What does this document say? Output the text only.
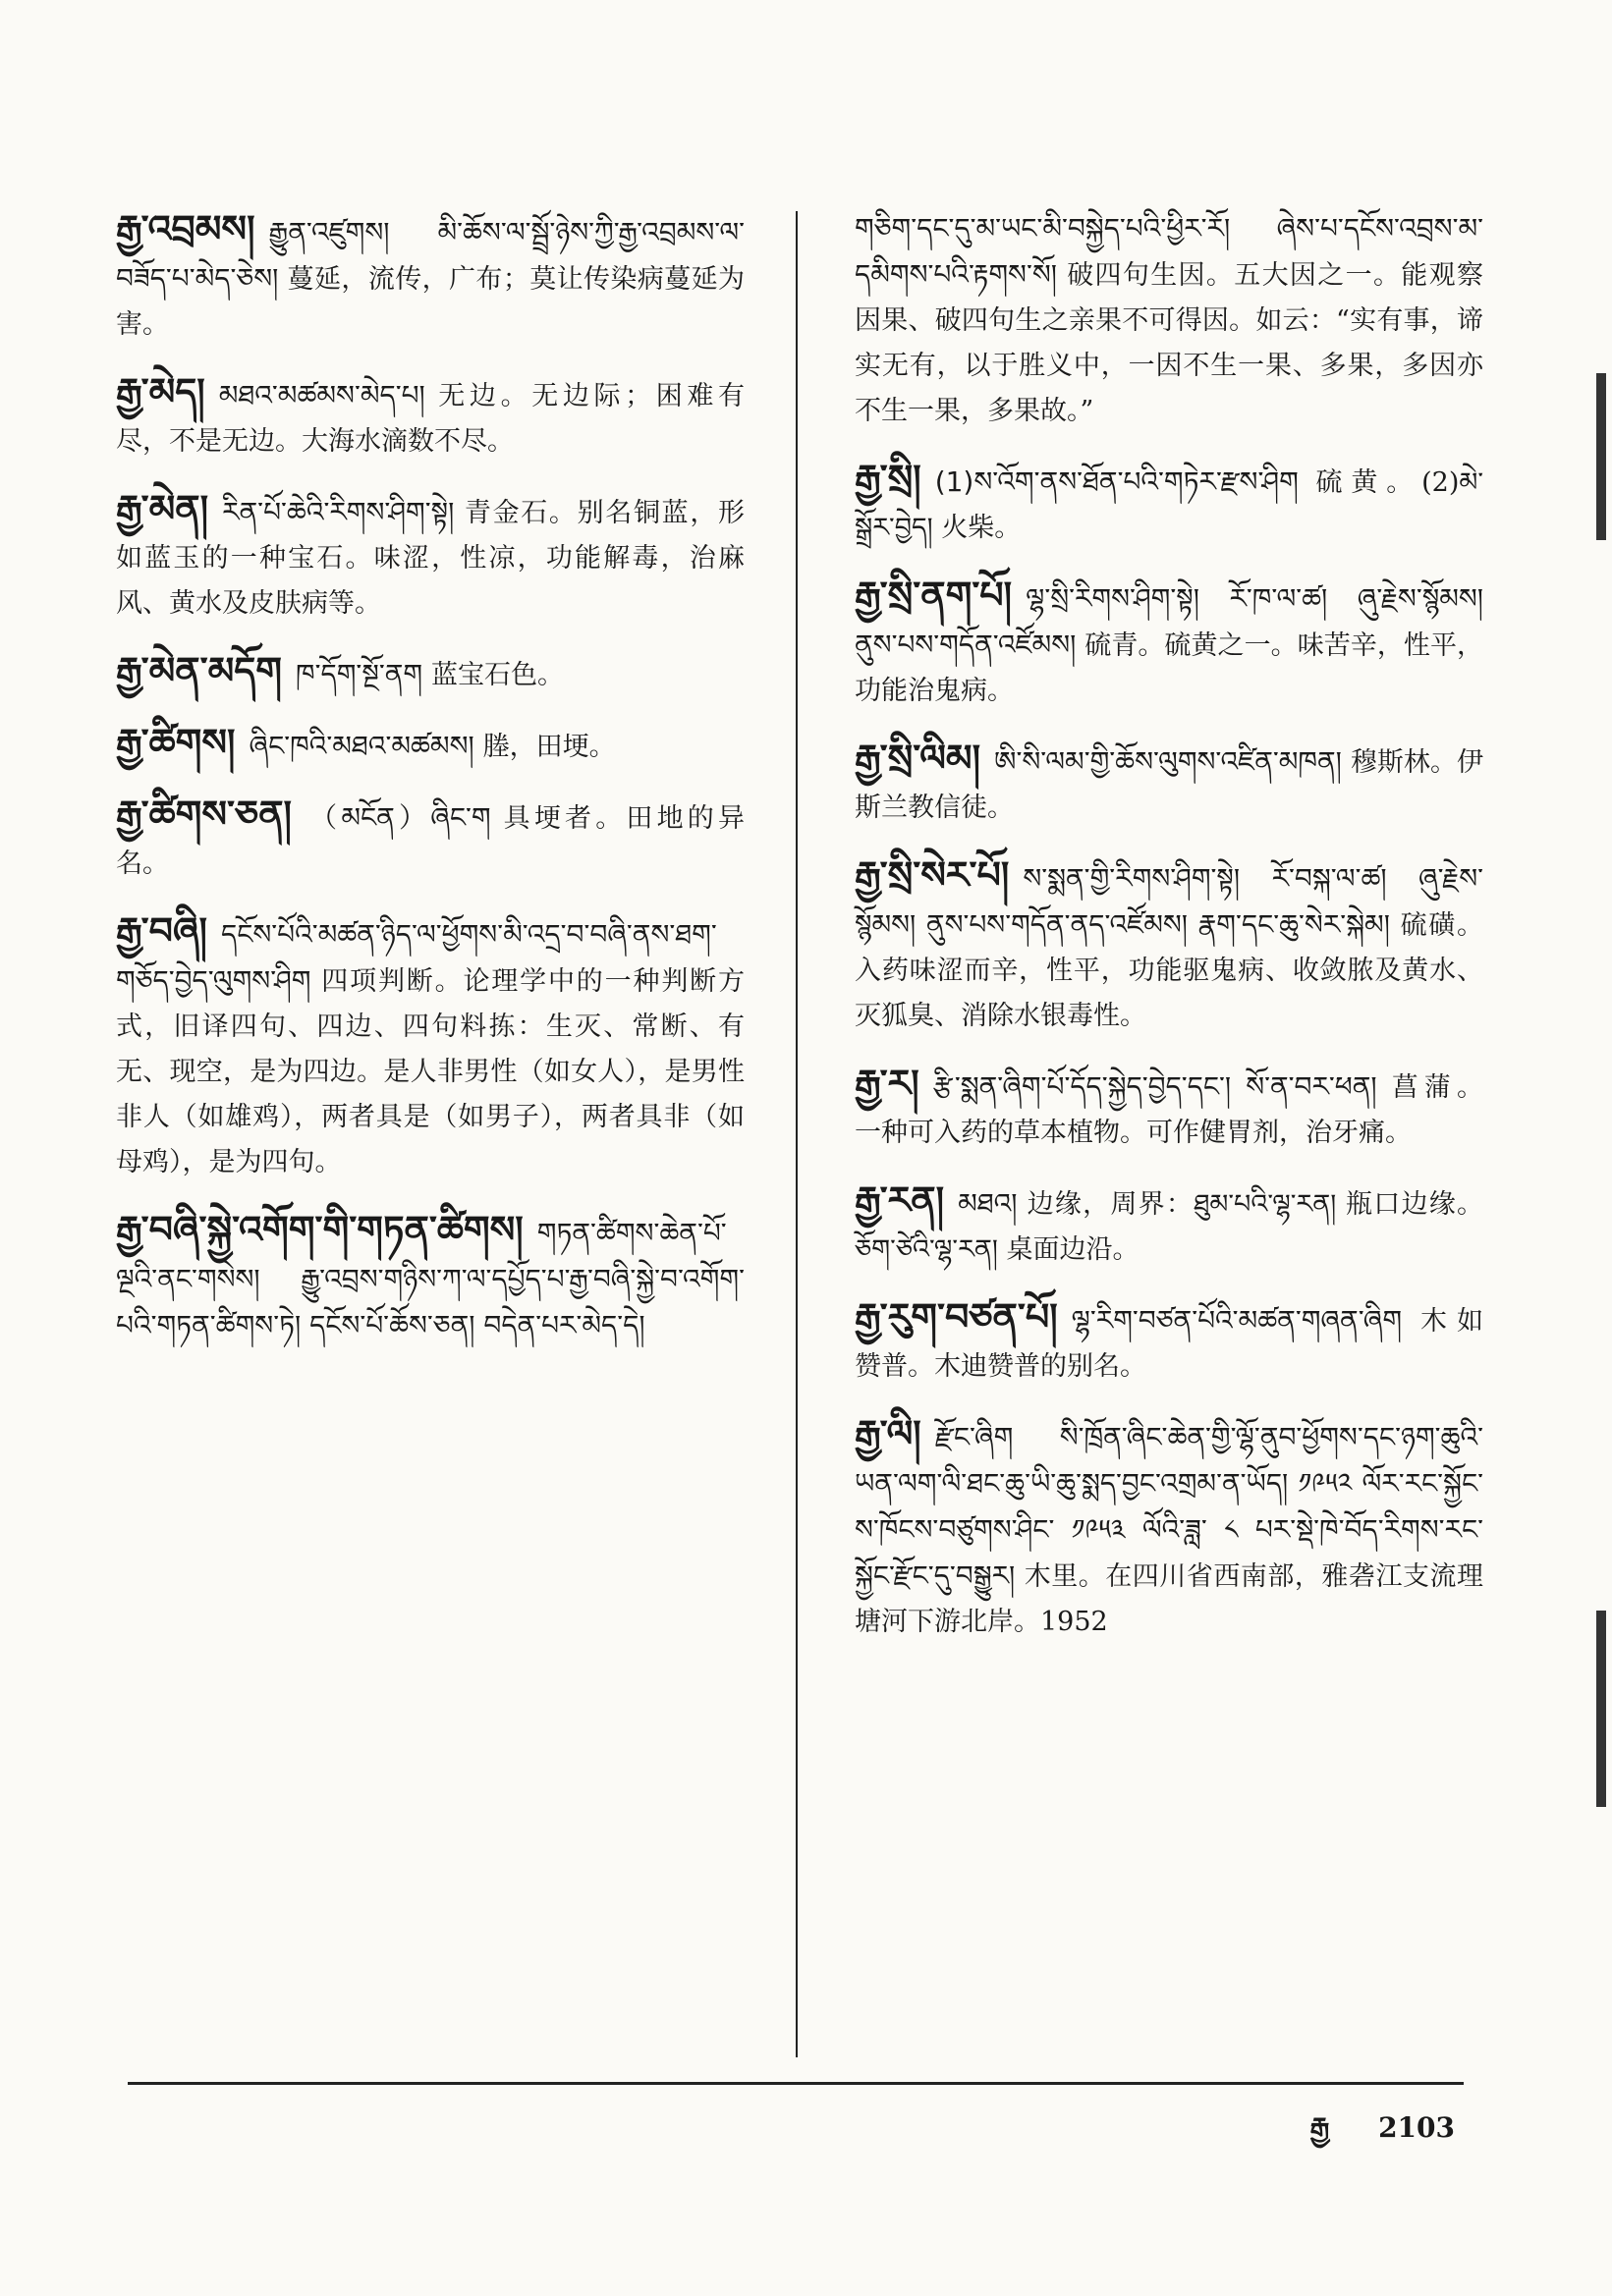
རྒྱ་འབྲམས། རྒྱུན་འཛུགས། མི་ཆོས་ལ་སྦྲོ་ཉེས་ཀྱི་རྒྱ་འབྲམས་ལ་བཟོད་པ་མེད་ཅེས། 蔓延，流传，广布；莫让传染病蔓延为害。
རྒྱ་མེད། མཐའ་མཚམས་མེད་པ། 无边。无边际；困难有尽，不是无边。大海水滴数不尽。
རྒྱ་མེན། རིན་པོ་ཆེའི་རིགས་ཤིག་སྟེ། 青金石。别名铜蓝，形如蓝玉的一种宝石。味涩，性凉，功能解毒，治麻风、黄水及皮肤病等。
རྒྱ་མེན་མདོག ཁ་དོག་སྔོ་ནག 蓝宝石色。
རྒྱ་ཚིགས། ཞིང་ཁའི་མཐའ་མཚམས། 塍，田埂。
རྒྱ་ཚིགས་ཅན། （མངོན）ཞིང་ག 具埂者。田地的异名。
རྒྱ་བཞི། དངོས་པོའི་མཚན་ཉིད་ལ་ཕྱོགས་མི་འདྲ་བ་བཞི་ནས་ཐག་གཅོད་བྱེད་ལུགས་ཤིག 四项判断。论理学中的一种判断方式，旧译四句、四边、四句料拣：生灭、常断、有无、现空，是为四边。是人非男性（如女人），是男性非人（如雄鸡），两者具是（如男子），两者具非（如母鸡），是为四句。
རྒྱ་བཞི་སྐྱེ་འགོག་གི་གཏན་ཚིགས། གཏན་ཚིགས་ཆེན་པོ་ལྔའི་ནང་གསེས། རྒྱུ་འབྲས་གཉིས་ཀ་ལ་དཔྱོད་པ་རྒྱ་བཞི་སྐྱེ་བ་འགོག་པའི་གཏན་ཚིགས་ཏེ། དངོས་པོ་ཆོས་ཅན། བདེན་པར་མེད་དེ།
གཅིག་དང་དུ་མ་ཡང་མི་བསྐྱེད་པའི་ཕྱིར་རོ། ཞེས་པ་དངོས་འབྲས་མ་དམིགས་པའི་རྟགས་སོ། 破四句生因。五大因之一。能观察因果、破四句生之亲果不可得因。如云：“实有事，谛实无有，以于胜义中，一因不生一果、多果，多因亦不生一果，多果故。”
རྒྱ་སྲི། (1)ས་འོག་ནས་ཐོན་པའི་གཏེར་རྫས་ཤིག 硫黄。(2)མེ་སྒྲོར་བྱེད། 火柴。
རྒྱ་སྲི་ནག་པོ། ལྷ་སྲི་རིགས་ཤིག་སྟེ། རོ་ཁ་ལ་ཚ། ཞུ་རྗེས་སྙོམས། ནུས་པས་གདོན་འཛོམས། 硫青。硫黄之一。味苦辛，性平，功能治鬼病。
རྒྱ་སྲི་ལིམ། ཨི་སི་ལམ་གྱི་ཆོས་ལུགས་འཛིན་མཁན། 穆斯林。伊斯兰教信徒。
རྒྱ་སྲི་སེར་པོ། ས་སྨན་གྱི་རིགས་ཤིག་སྟེ། རོ་བསྐ་ལ་ཚ། ཞུ་རྗེས་སྙོམས། ནུས་པས་གདོན་ནད་འཛོམས། རྣག་དང་ཆུ་སེར་སྐེམ། 硫磺。入药味涩而辛，性平，功能驱鬼病、收敛脓及黄水、灭狐臭、消除水银毒性。
རྒྱ་ར། རྩི་སྨན་ཞིག་པོ་དོད་སྐྱེད་བྱེད་དང་། སོ་ན་བར་ཕན། 菖蒲。一种可入药的草本植物。可作健胃剂，治牙痛。
རྒྱ་རན། མཐའ། 边缘，周界：ཐུམ་པའི་ལྷ་རན། 瓶口边缘。ཅོག་ཙེའི་ལྷ་རན། 桌面边沿。
རྒྱ་རུག་བཙན་པོ། ལྷ་རིག་བཙན་པོའི་མཚན་གཞན་ཞིག 木如赞普。木迪赞普的别名。
རྒྱ་ལི། རྫོང་ཞིག སི་ཁྲོན་ཞིང་ཆེན་གྱི་ལྷོ་ནུབ་ཕྱོགས་དང་ཉག་ཆུའི་ཡན་ལག་ལི་ཐང་ཆུ་ཡི་ཆུ་སྨད་བྱང་འགྲམ་ན་ཡོད། ༡༩༥༢ ལོར་རང་སྐྱོང་ས་ཁོངས་བཙུགས་ཤིང་ ༡༩༥༣ ལོའི་ཟླ་ ༨ པར་སྡེ་ཁེ་བོད་རིགས་རང་སྐྱོང་རྫོང་དུ་བསྒྱུར། 木里。在四川省西南部，雅砻江支流理塘河下游北岸。1952
རྒྱ 2103
